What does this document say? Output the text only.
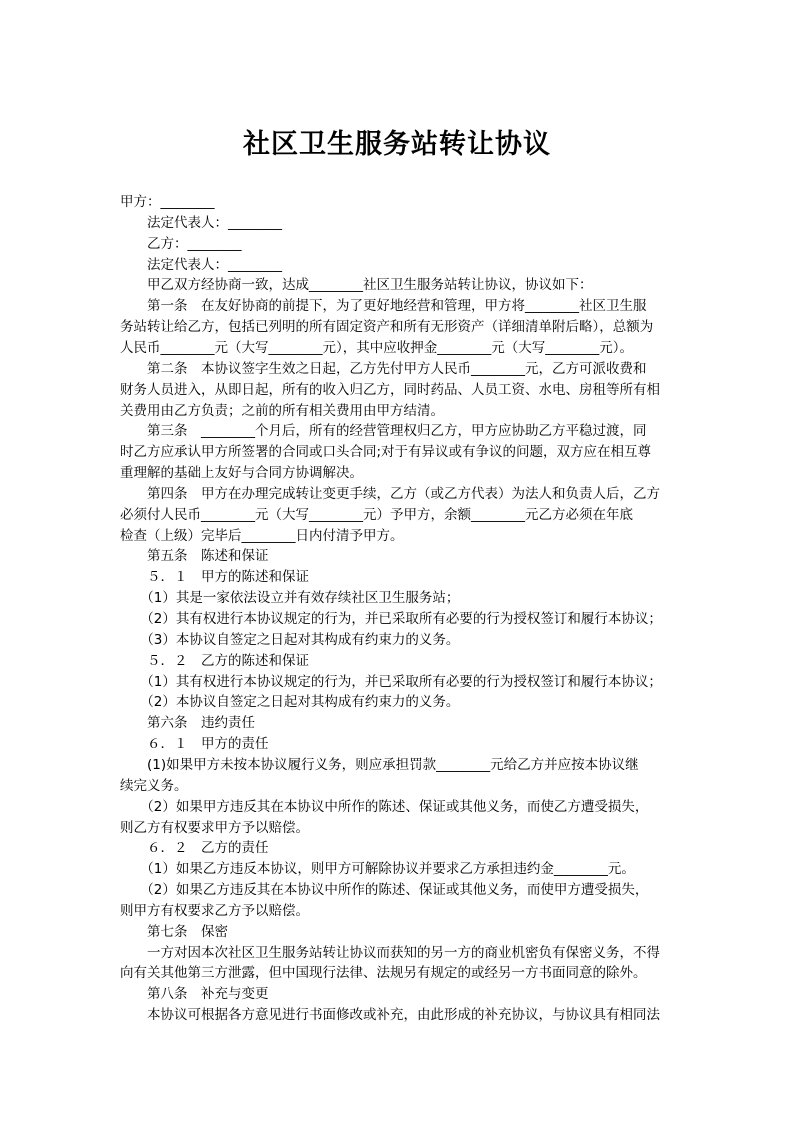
社区卫生服务站转让协议
甲方：________
　　法定代表人：________
　　乙方：________
　　法定代表人：________
　　甲乙双方经协商一致，达成________社区卫生服务站转让协议，协议如下：
　　第一条　在友好协商的前提下，为了更好地经营和管理，甲方将________社区卫生服
务站转让给乙方，包括已列明的所有固定资产和所有无形资产（详细清单附后略），总额为
人民币________元（大写________元），其中应收押金________元（大写________元）。
　　第二条　本协议签字生效之日起，乙方先付甲方人民币________元，乙方可派收费和
财务人员进入，从即日起，所有的收入归乙方，同时药品、人员工资、水电、房租等所有相
关费用由乙方负责；之前的所有相关费用由甲方结清。
　　第三条　________个月后，所有的经营管理权归乙方，甲方应协助乙方平稳过渡，同
时乙方应承认甲方所签署的合同或口头合同;对于有异议或有争议的问题，双方应在相互尊
重理解的基础上友好与合同方协调解决。
　　第四条　甲方在办理完成转让变更手续，乙方（或乙方代表）为法人和负责人后，乙方
必须付人民币________元（大写________元）予甲方，余额________元乙方必须在年底
检查（上级）完毕后________日内付清予甲方。
　　第五条　陈述和保证
　　５．１　甲方的陈述和保证
　　（1）其是一家依法设立并有效存续社区卫生服务站；
　　（2）其有权进行本协议规定的行为，并已采取所有必要的行为授权签订和履行本协议；
　　（3）本协议自签定之日起对其构成有约束力的义务。
　　５．２　乙方的陈述和保证
　　（1）其有权进行本协议规定的行为，并已采取所有必要的行为授权签订和履行本协议；
　　（2）本协议自签定之日起对其构成有约束力的义务。
　　第六条　违约责任
　　６．１　甲方的责任
　　(1)如果甲方未按本协议履行义务，则应承担罚款________元给乙方并应按本协议继
续完义务。
　　（2）如果甲方违反其在本协议中所作的陈述、保证或其他义务，而使乙方遭受损失，
则乙方有权要求甲方予以赔偿。
　　６．２　乙方的责任
　　（1）如果乙方违反本协议，则甲方可解除协议并要求乙方承担违约金________元。
　　（2）如果乙方违反其在本协议中所作的陈述、保证或其他义务，而使甲方遭受损失，
则甲方有权要求乙方予以赔偿。
　　第七条　保密
　　一方对因本次社区卫生服务站转让协议而获知的另一方的商业机密负有保密义务，不得
向有关其他第三方泄露，但中国现行法律、法规另有规定的或经另一方书面同意的除外。
　　第八条　补充与变更
　　本协议可根据各方意见进行书面修改或补充，由此形成的补充协议，与协议具有相同法
